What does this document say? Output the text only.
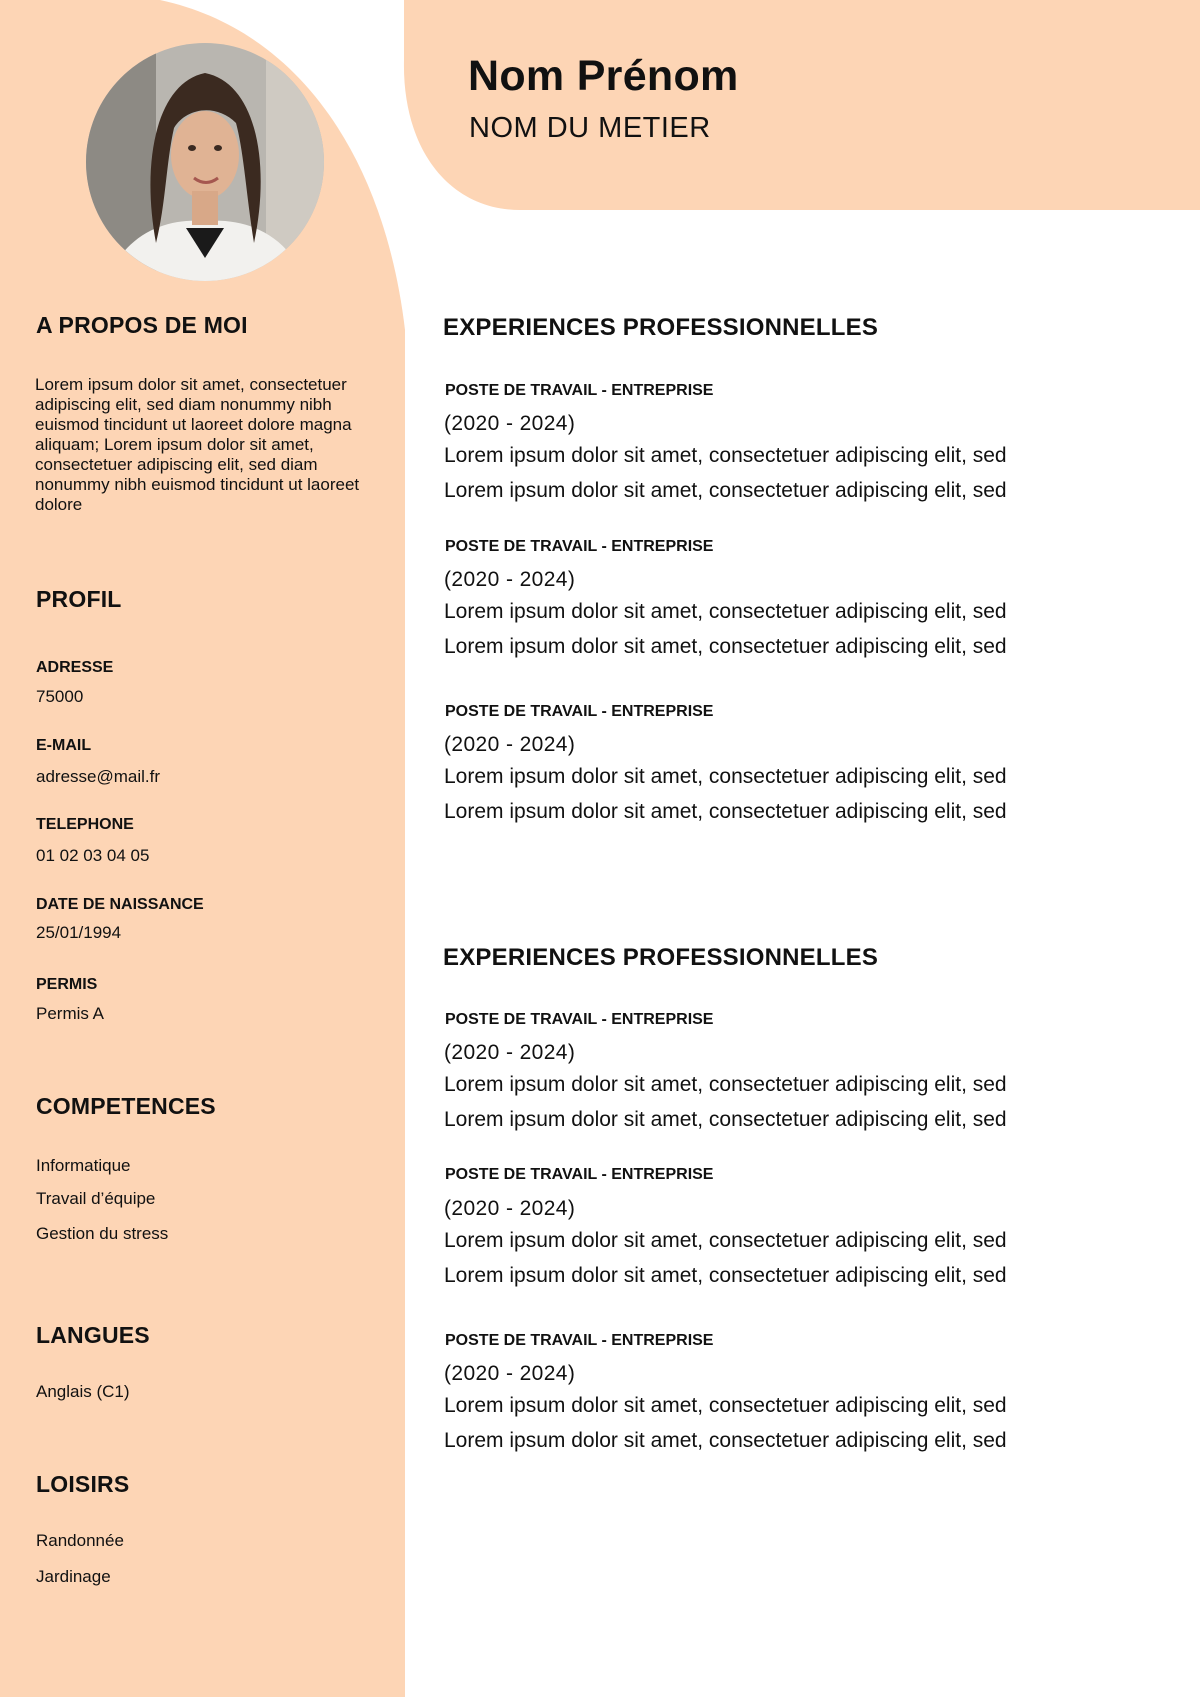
Nom Prénom
NOM DU METIER
A PROPOS DE MOI
Lorem ipsum dolor sit amet, consectetuer adipiscing elit, sed diam nonummy nibh euismod tincidunt ut laoreet dolore magna aliquam; Lorem ipsum dolor sit amet, consectetuer adipiscing elit, sed diam nonummy nibh euismod tincidunt ut laoreet dolore
PROFIL
ADRESSE
75000
E-MAIL
adresse@mail.fr
TELEPHONE
01 02 03 04 05
DATE DE NAISSANCE
25/01/1994
PERMIS
Permis A
COMPETENCES
Informatique
Travail d’équipe
Gestion du stress
LANGUES
Anglais (C1)
LOISIRS
Randonnée
Jardinage
EXPERIENCES PROFESSIONNELLES
POSTE DE TRAVAIL - ENTREPRISE
(2020 - 2024)
Lorem ipsum dolor sit amet, consectetuer adipiscing elit, sed
Lorem ipsum dolor sit amet, consectetuer adipiscing elit, sed
POSTE DE TRAVAIL - ENTREPRISE
(2020 - 2024)
Lorem ipsum dolor sit amet, consectetuer adipiscing elit, sed
Lorem ipsum dolor sit amet, consectetuer adipiscing elit, sed
POSTE DE TRAVAIL - ENTREPRISE
(2020 - 2024)
Lorem ipsum dolor sit amet, consectetuer adipiscing elit, sed
Lorem ipsum dolor sit amet, consectetuer adipiscing elit, sed
EXPERIENCES PROFESSIONNELLES
POSTE DE TRAVAIL - ENTREPRISE
(2020 - 2024)
Lorem ipsum dolor sit amet, consectetuer adipiscing elit, sed
Lorem ipsum dolor sit amet, consectetuer adipiscing elit, sed
POSTE DE TRAVAIL - ENTREPRISE
(2020 - 2024)
Lorem ipsum dolor sit amet, consectetuer adipiscing elit, sed
Lorem ipsum dolor sit amet, consectetuer adipiscing elit, sed
POSTE DE TRAVAIL - ENTREPRISE
(2020 - 2024)
Lorem ipsum dolor sit amet, consectetuer adipiscing elit, sed
Lorem ipsum dolor sit amet, consectetuer adipiscing elit, sed
